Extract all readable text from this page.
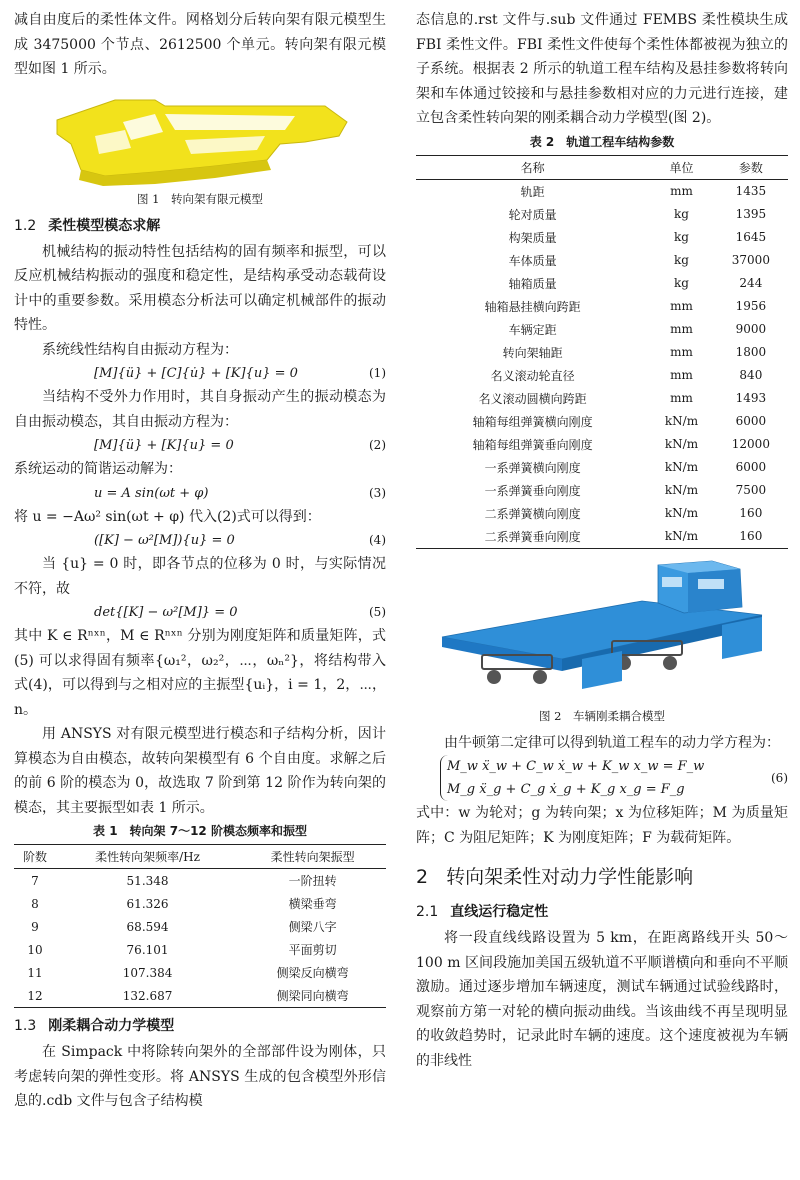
减自由度后的柔性体文件。网格划分后转向架有限元模型生成 3475000 个节点、2612500 个单元。转向架有限元模型如图 1 所示。

图 1　转向架有限元模型
1.2 柔性模型模态求解

机械结构的振动特性包括结构的固有频率和振型，可以反应机械结构振动的强度和稳定性，是结构承受动态载荷设计中的重要参数。采用模态分析法可以确定机械部件的振动特性。

系统线性结构自由振动方程为：

[M]{ü} + [C]{u̇} + [K]{u} = 0	(1)

当结构不受外力作用时，其自身振动产生的振动模态为自由振动模态，其自由振动方程为：

[M]{ü} + [K]{u} = 0	(2)

系统运动的简谐运动解为：

u = A sin(ωt + φ)	(3)

将 u = −Aω² sin(ωt + φ) 代入(2)式可以得到：

([K] − ω²[M]){u} = 0	(4)

当 {u} = 0 时，即各节点的位移为 0 时，与实际情况不符，故

det{[K] − ω²[M]} = 0	(5)

其中 K ∈ Rⁿˣⁿ，M ∈ Rⁿˣⁿ 分别为刚度矩阵和质量矩阵，式(5) 可以求得固有频率{ω₁²，ω₂²，⋯，ωₙ²}，将结构带入式(4)，可以得到与之相对应的主振型{uᵢ}，i = 1，2，⋯，n。

用 ANSYS 对有限元模型进行模态和子结构分析，因计算模态为自由模态，故转向架模型有 6 个自由度。求解之后的前 6 阶的模态为 0，故选取 7 阶到第 12 阶作为转向架的模态，其主要振型如表 1 所示。

表 1　转向架 7～12 阶模态频率和振型
阶数	柔性转向架频率/Hz	柔性转向架振型
7	51.348	一阶扭转
8	61.326	横梁垂弯
9	68.594	侧梁八字
10	76.101	平面剪切
11	107.384	侧梁反向横弯
12	132.687	侧梁同向横弯
1.3 刚柔耦合动力学模型

在 Simpack 中将除转向架外的全部部件设为刚体，只考虑转向架的弹性变形。将 ANSYS 生成的包含模型外形信息的.cdb 文件与包含子结构模

态信息的.rst 文件与.sub 文件通过 FEMBS 柔性模块生成 FBI 柔性文件。FBI 柔性文件使每个柔性体都被视为独立的子系统。根据表 2 所示的轨道工程车结构及悬挂参数将转向架和车体通过铰接和与悬挂参数相对应的力元进行连接，建立包含柔性转向架的刚柔耦合动力学模型(图 2)。

表 2　轨道工程车结构参数
名称	单位	参数
轨距	mm	1435
轮对质量	kg	1395
构架质量	kg	1645
车体质量	kg	37000
轴箱质量	kg	244
轴箱悬挂横向跨距	mm	1956
车辆定距	mm	9000
转向架轴距	mm	1800
名义滚动轮直径	mm	840
名义滚动圆横向跨距	mm	1493
轴箱每组弹簧横向刚度	kN/m	6000
轴箱每组弹簧垂向刚度	kN/m	12000
一系弹簧横向刚度	kN/m	6000
一系弹簧垂向刚度	kN/m	7500
二系弹簧横向刚度	kN/m	160
二系弹簧垂向刚度	kN/m	160
图 2　车辆刚柔耦合模型

由牛顿第二定律可以得到轨道工程车的动力学方程为：

M_w ẍ_w + C_w ẋ_w + K_w x_w = F_w
M_g ẍ_g + C_g ẋ_g + K_g x_g = F_g
(6)

式中：w 为轮对；g 为转向架；x 为位移矩阵；M 为质量矩阵；C 为阻尼矩阵；K 为刚度矩阵；F 为载荷矩阵。

2 转向架柔性对动力学性能影响
2.1 直线运行稳定性

将一段直线线路设置为 5 km，在距离路线开头 50～100 m 区间段施加美国五级轨道不平顺谱横向和垂向不平顺激励。通过逐步增加车辆速度，测试车辆通过试验线路时，观察前方第一对轮的横向振动曲线。当该曲线不再呈现明显的收敛趋势时，记录此时车辆的速度。这个速度被视为车辆的非线性
